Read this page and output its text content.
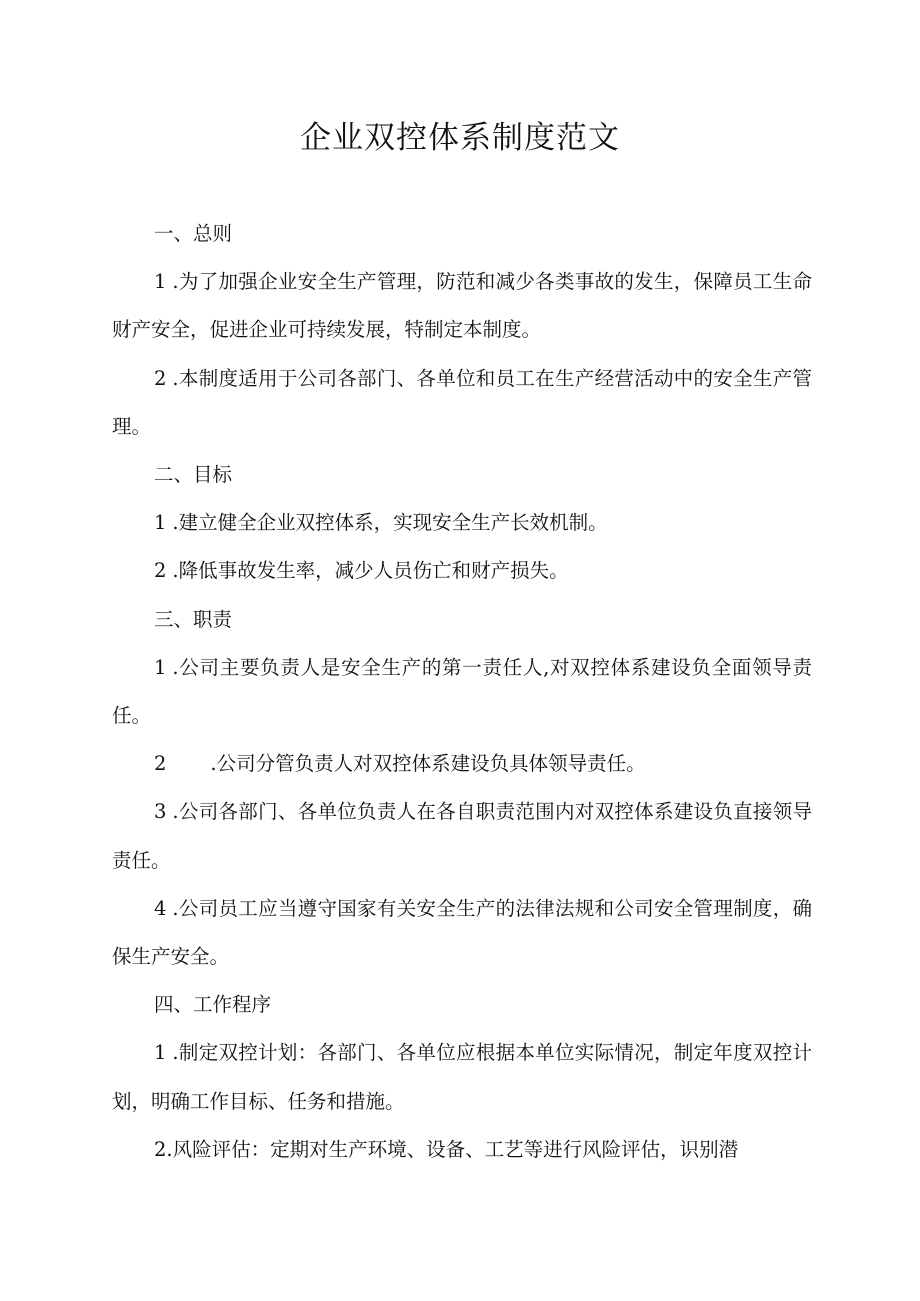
企业双控体系制度范文

一、总则

1 .为了加强企业安全生产管理，防范和减少各类事故的发生，保障员工生命财产安全，促进企业可持续发展，特制定本制度。

2 .本制度适用于公司各部门、各单位和员工在生产经营活动中的安全生产管理。

二、目标

1 .建立健全企业双控体系，实现安全生产长效机制。

2 .降低事故发生率，减少人员伤亡和财产损失。

三、职责

1 .公司主要负责人是安全生产的第一责任人,对双控体系建设负全面领导责任。

2 .公司分管负责人对双控体系建设负具体领导责任。

3 .公司各部门、各单位负责人在各自职责范围内对双控体系建设负直接领导责任。

4 .公司员工应当遵守国家有关安全生产的法律法规和公司安全管理制度，确保生产安全。

四、工作程序

1 .制定双控计划：各部门、各单位应根据本单位实际情况，制定年度双控计划，明确工作目标、任务和措施。

2.风险评估：定期对生产环境、设备、工艺等进行风险评估，识别潜
